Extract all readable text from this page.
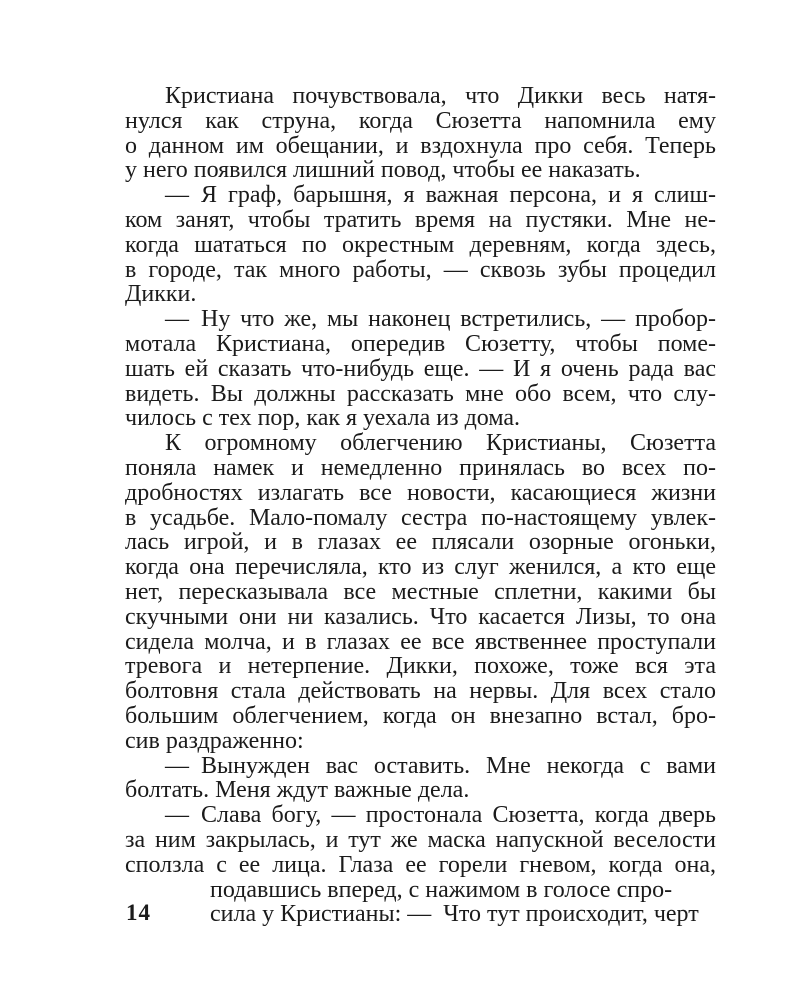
Кристиана почувствовала, что Дикки весь натя-
нулся как струна, когда Сюзетта напомнила ему
о данном им обещании, и вздохнула про себя. Теперь
у него появился лишний повод, чтобы ее наказать.
— Я граф, барышня, я важная персона, и я слиш-
ком занят, чтобы тратить время на пустяки. Мне не-
когда шататься по окрестным деревням, когда здесь,
в городе, так много работы, — сквозь зубы процедил
Дикки.
— Ну что же, мы наконец встретились, — пробор-
мотала Кристиана, опередив Сюзетту, чтобы поме-
шать ей сказать что-нибудь еще. — И я очень рада вас
видеть. Вы должны рассказать мне обо всем, что слу-
чилось с тех пор, как я уехала из дома.
К огромному облегчению Кристианы, Сюзетта
поняла намек и немедленно принялась во всех по-
дробностях излагать все новости, касающиеся жизни
в усадьбе. Мало-помалу сестра по-настоящему увлек-
лась игрой, и в глазах ее плясали озорные огоньки,
когда она перечисляла, кто из слуг женился, а кто еще
нет, пересказывала все местные сплетни, какими бы
скучными они ни казались. Что касается Лизы, то она
сидела молча, и в глазах ее все явственнее проступали
тревога и нетерпение. Дикки, похоже, тоже вся эта
болтовня стала действовать на нервы. Для всех стало
большим облегчением, когда он внезапно встал, бро-
сив раздраженно:
— Вынужден вас оставить. Мне некогда с вами
болтать. Меня ждут важные дела.
— Слава богу, — простонала Сюзетта, когда дверь
за ним закрылась, и тут же маска напускной веселости
сползла с ее лица. Глаза ее горели гневом, когда она,
подавшись вперед, с нажимом в голосе спро-
сила у Кристианы: — Что тут происходит, черт
14
